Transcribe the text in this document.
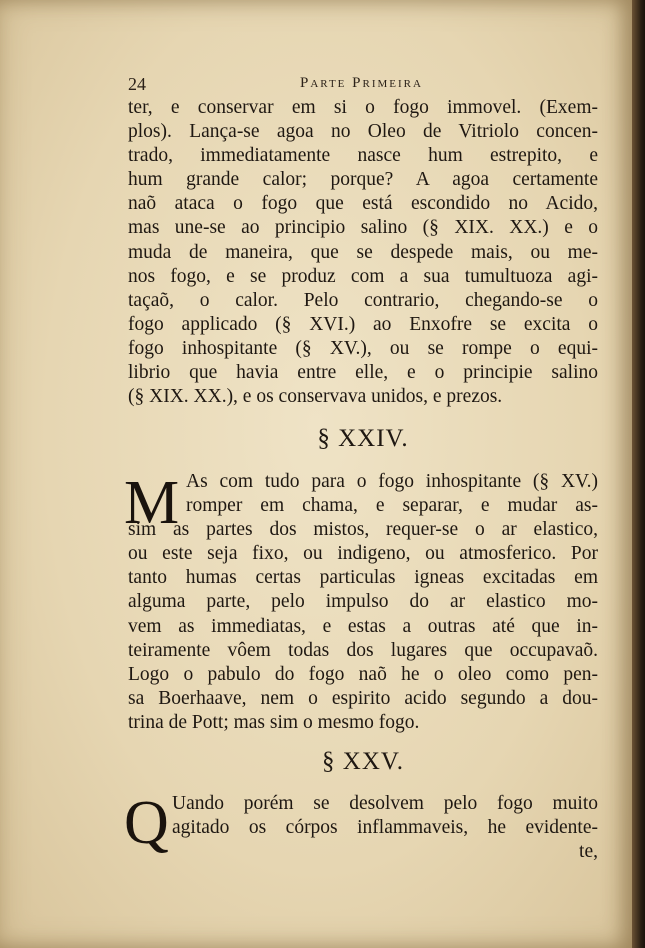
24	Parte Primeira
ter, e conservar em si o fogo immovel. (Exem-
plos). Lança-se agoa no Oleo de Vitriolo concen-
trado, immediatamente nasce hum estrepito, e
hum grande calor; porque? A agoa certamente
naõ ataca o fogo que está escondido no Acido,
mas une-se ao principio salino (§ XIX. XX.) e o
muda de maneira, que se despede mais, ou me-
nos fogo, e se produz com a sua tumultuoza agi-
taçaõ, o calor. Pelo contrario, chegando-se o
fogo applicado (§ XVI.) ao Enxofre se excita o
fogo inhospitante (§ XV.), ou se rompe o equi-
librio que havia entre elle, e o principie salino
(§ XIX. XX.), e os conservava unidos, e prezos.
§ XXIV.
M As com tudo para o fogo inhospitante (§ XV.)
romper em chama, e separar, e mudar as-
sim as partes dos mistos, requer-se o ar elastico,
ou este seja fixo, ou indigeno, ou atmosferico. Por
tanto humas certas particulas igneas excitadas em
alguma parte, pelo impulso do ar elastico mo-
vem as immediatas, e estas a outras até que in-
teiramente vôem todas dos lugares que occupavaõ.
Logo o pabulo do fogo naõ he o oleo como pen-
sa Boerhaave, nem o espirito acido segundo a dou-
trina de Pott; mas sim o mesmo fogo.
§ XXV.
Q Uando porém se desolvem pelo fogo muito
agitado os córpos inflammaveis, he evidente-
te,
